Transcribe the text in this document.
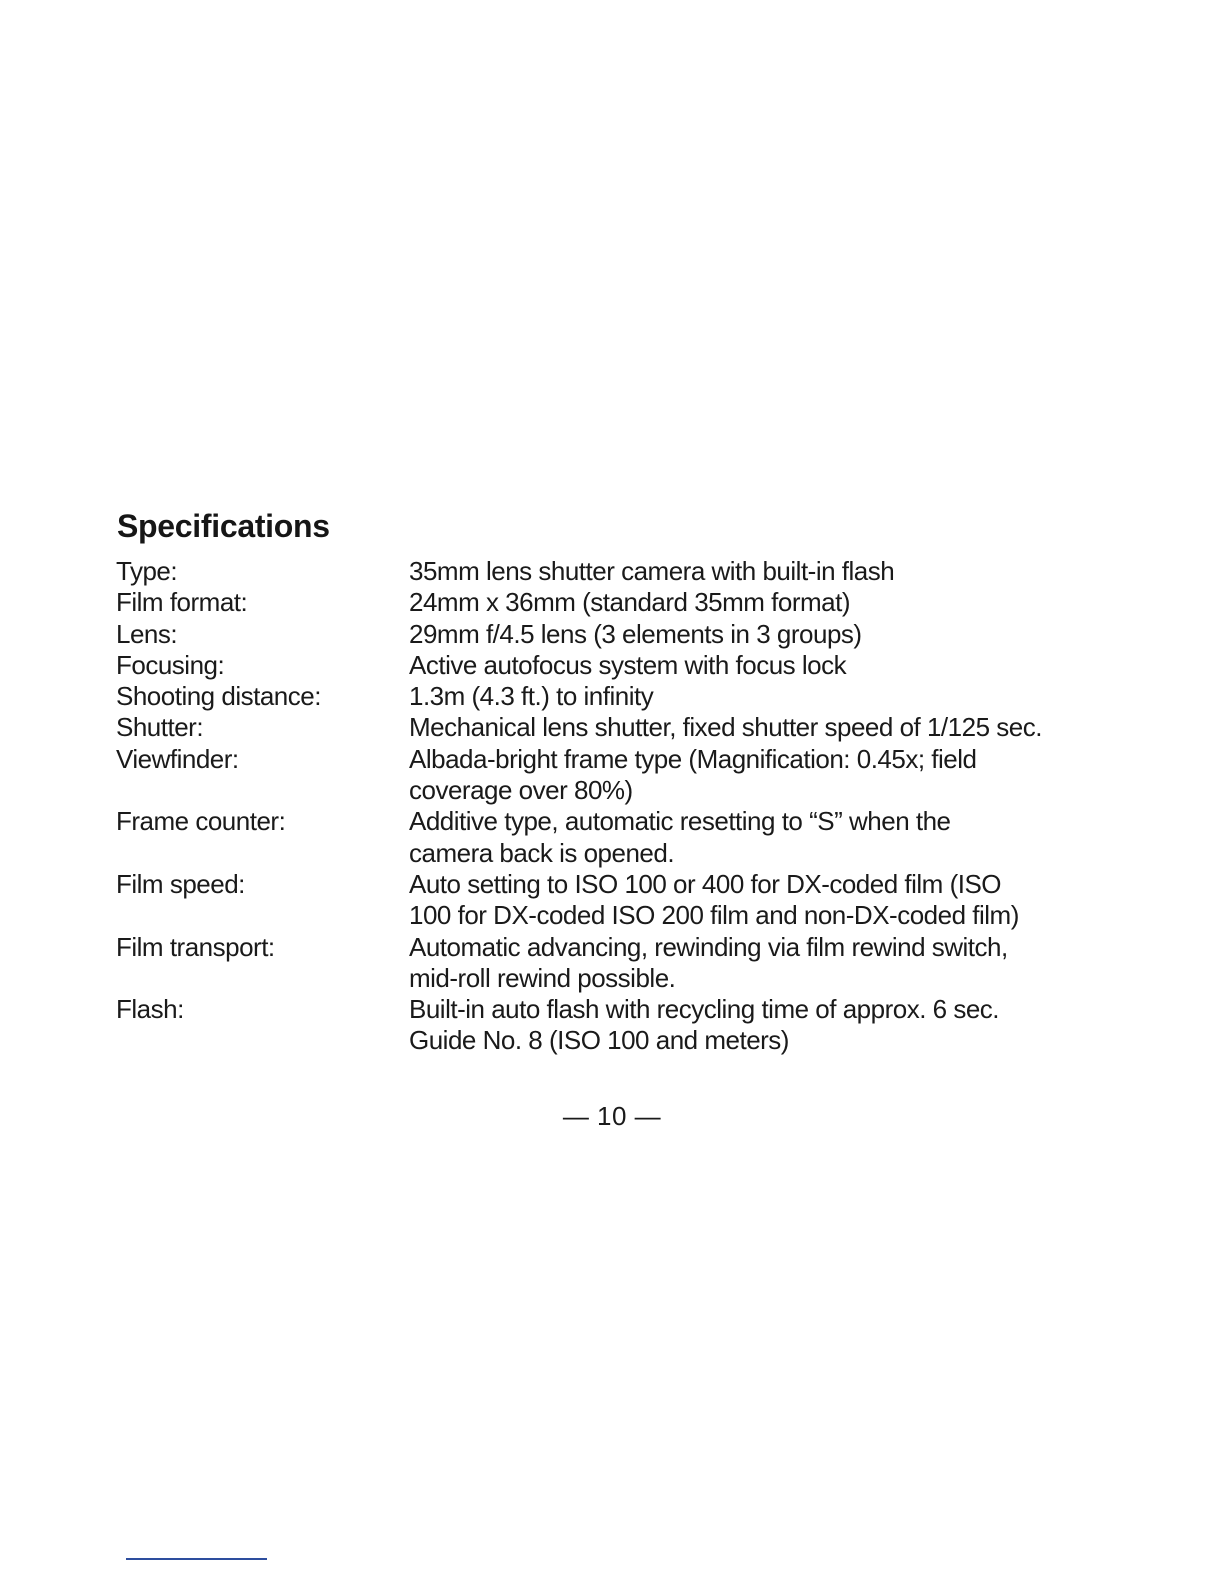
Specifications
Type:	35mm lens shutter camera with built-in flash
Film format:	24mm x 36mm (standard 35mm format)
Lens:	29mm f/4.5 lens (3 elements in 3 groups)
Focusing:	Active autofocus system with focus lock
Shooting distance:	1.3m (4.3 ft.) to infinity
Shutter:	Mechanical lens shutter, fixed shutter speed of 1/125 sec.
Viewfinder:	Albada-bright frame type (Magnification: 0.45x; field
coverage over 80%)
Frame counter:	Additive type, automatic resetting to “S” when the
camera back is opened.
Film speed:	Auto setting to ISO 100 or 400 for DX-coded film (ISO
100 for DX-coded ISO 200 film and non-DX-coded film)
Film transport:	Automatic advancing, rewinding via film rewind switch,
mid-roll rewind possible.
Flash:	Built-in auto flash with recycling time of approx. 6 sec.
Guide No. 8 (ISO 100 and meters)
— 10 —
